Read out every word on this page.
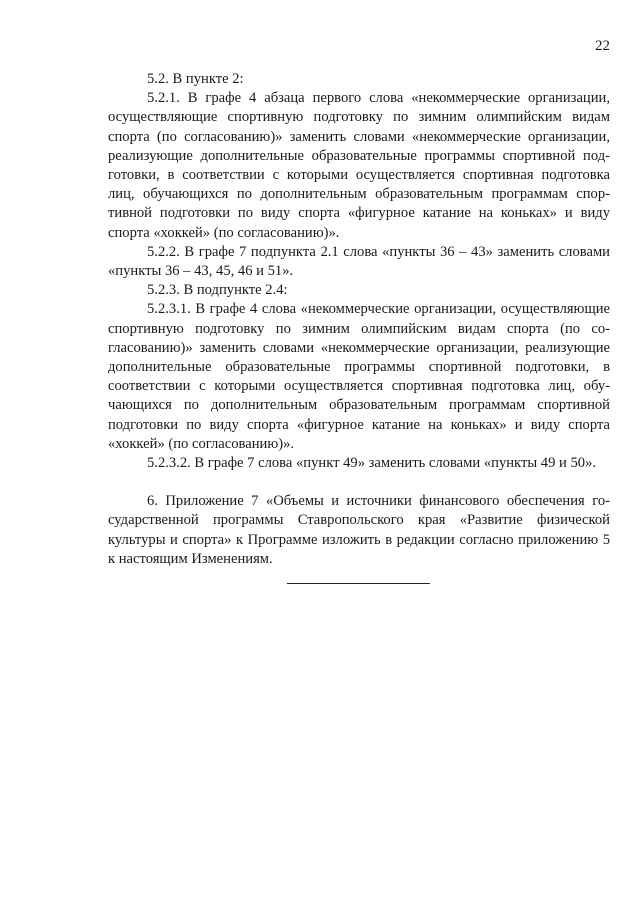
22

5.2. В пункте 2:

5.2.1. В графе 4 абзаца первого слова «некоммерческие организации, осуществляющие спортивную подготовку по зимним олимпийским видам спорта (по согласованию)» заменить словами «некоммерческие организации, реализующие дополнительные образовательные программы спортивной подготовки, в соответствии с которыми осуществляется спортивная подготовка лиц, обучающихся по дополнительным образовательным программам спортивной подготовки по виду спорта «фигурное катание на коньках» и виду спорта «хоккей» (по согласованию)».

5.2.2. В графе 7 подпункта 2.1 слова «пункты 36 – 43» заменить словами «пункты 36 – 43, 45, 46 и 51».

5.2.3. В подпункте 2.4:

5.2.3.1. В графе 4 слова «некоммерческие организации, осуществляющие спортивную подготовку по зимним олимпийским видам спорта (по согласованию)» заменить словами «некоммерческие организации, реализующие дополнительные образовательные программы спортивной подготовки, в соответствии с которыми осуществляется спортивная подготовка лиц, обучающихся по дополнительным образовательным программам спортивной подготовки по виду спорта «фигурное катание на коньках» и виду спорта «хоккей» (по согласованию)».

5.2.3.2. В графе 7 слова «пункт 49» заменить словами «пункты 49 и 50».

6. Приложение 7 «Объемы и источники финансового обеспечения государственной программы Ставропольского края «Развитие физической культуры и спорта» к Программе изложить в редакции согласно приложению 5 к настоящим Изменениям.
